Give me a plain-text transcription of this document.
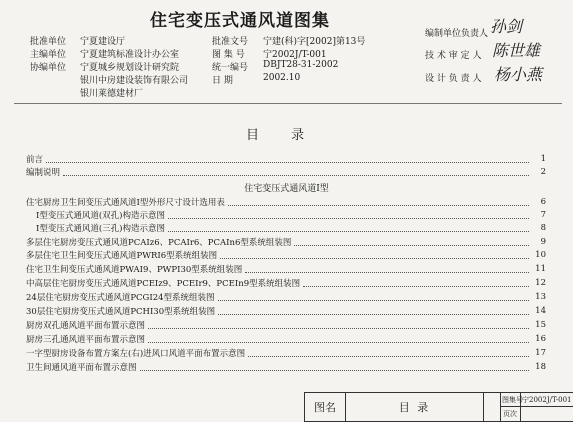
住宅变压式通风道图集
批准单位 宁夏建设厅	批准文号 宁建(科)字[2002]第13号
主编单位 宁夏建筑标准设计办公室	图 集 号 宁2002J/T-001
协编单位 宁夏城乡规划设计研究院	统一编号 DBJT28-31-2002
银川中房建设装饰有限公司	日 期	2002.10
银川莱德建材厂
编制单位负责人 孙剑
技 术 审 定 人 陈世雄
设 计 负 责 人 杨小燕
目 录
前言	1
编制说明	2
住宅变压式通风道I型
住宅厨房卫生间变压式通风道I型外形尺寸设计选用表	6
I型变压式通风道(双孔)构造示意图	7
I型变压式通风道(三孔)构造示意图	8
多层住宅厨房变压式通风道PCAIz6、PCAIr6、PCAIn6型系统组装图	9
多层住宅卫生间变压式通风道PWRI6型系统组装图	10
住宅卫生间变压式通风道PWAI9、PWPI30型系统组装图	11
中高层住宅厨房变压式通风道PCEIz9、PCEIr9、PCEIn9型系统组装图	12
24层住宅厨房变压式通风道PCGI24型系统组装图	13
30层住宅厨房变压式通风道PCHI30型系统组装图	14
厨房双孔通风道平面布置示意图	15
厨房三孔通风道平面布置示意图	16
一字型厨房设备布置方案左(右)进风口风道平面布置示意图	17
卫生间通风道平面布置示意图	18
图名	目 录
图集号 宁2002J/T-001
页次
